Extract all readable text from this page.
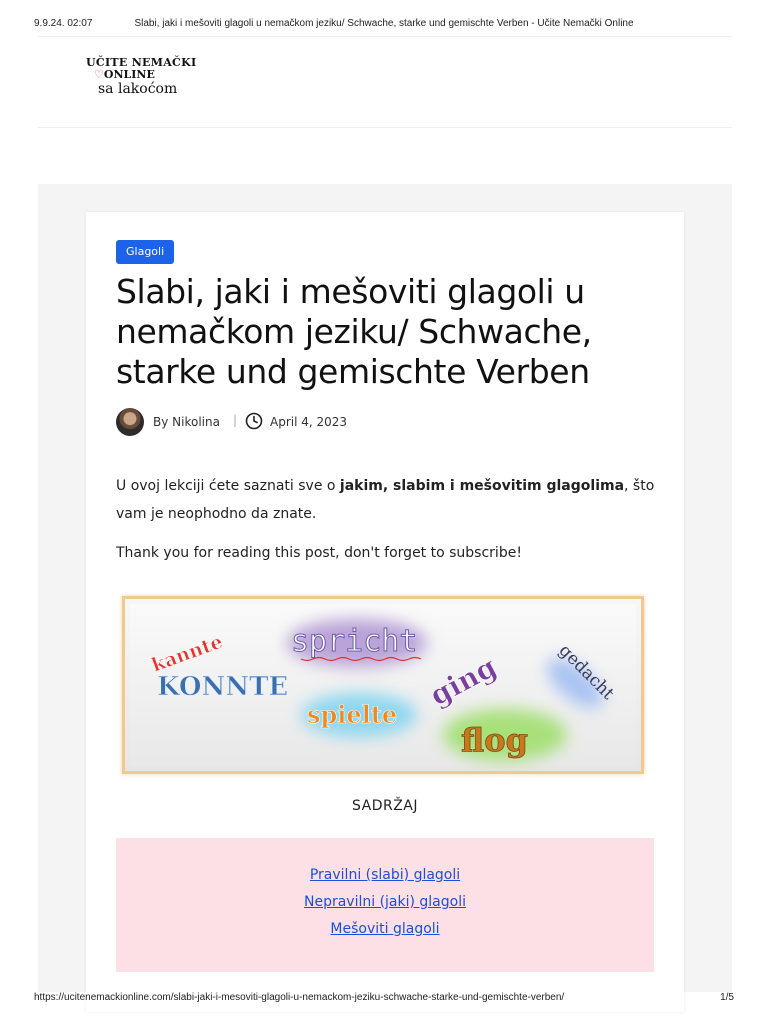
9.9.24. 02:07	Slabi, jaki i mešoviti glagoli u nemačkom jeziku/ Schwache, starke und gemischte Verben - Učite Nemački Online
UČITE NEMAČKI
♡ONLINE
sa lakoćom
Glagoli
Slabi, jaki i mešoviti glagoli u nemačkom jeziku/ Schwache, starke und gemischte Verben
By Nikolina |	April 4, 2023

U ovoj lekciji ćete saznati sve o jakim, slabim i mešovitim glagolima, što vam je neophodno da znate.

Thank you for reading this post, don't forget to subscribe!

kannte
KONNTE
spricht
spielte
ging
flog
gedacht
SADRŽAJ
Pravilni (slabi) glagoli
Nepravilni (jaki) glagoli
Mešoviti glagoli
https://ucitenemackionline.com/slabi-jaki-i-mesoviti-glagoli-u-nemackom-jeziku-schwache-starke-und-gemischte-verben/	1/5
